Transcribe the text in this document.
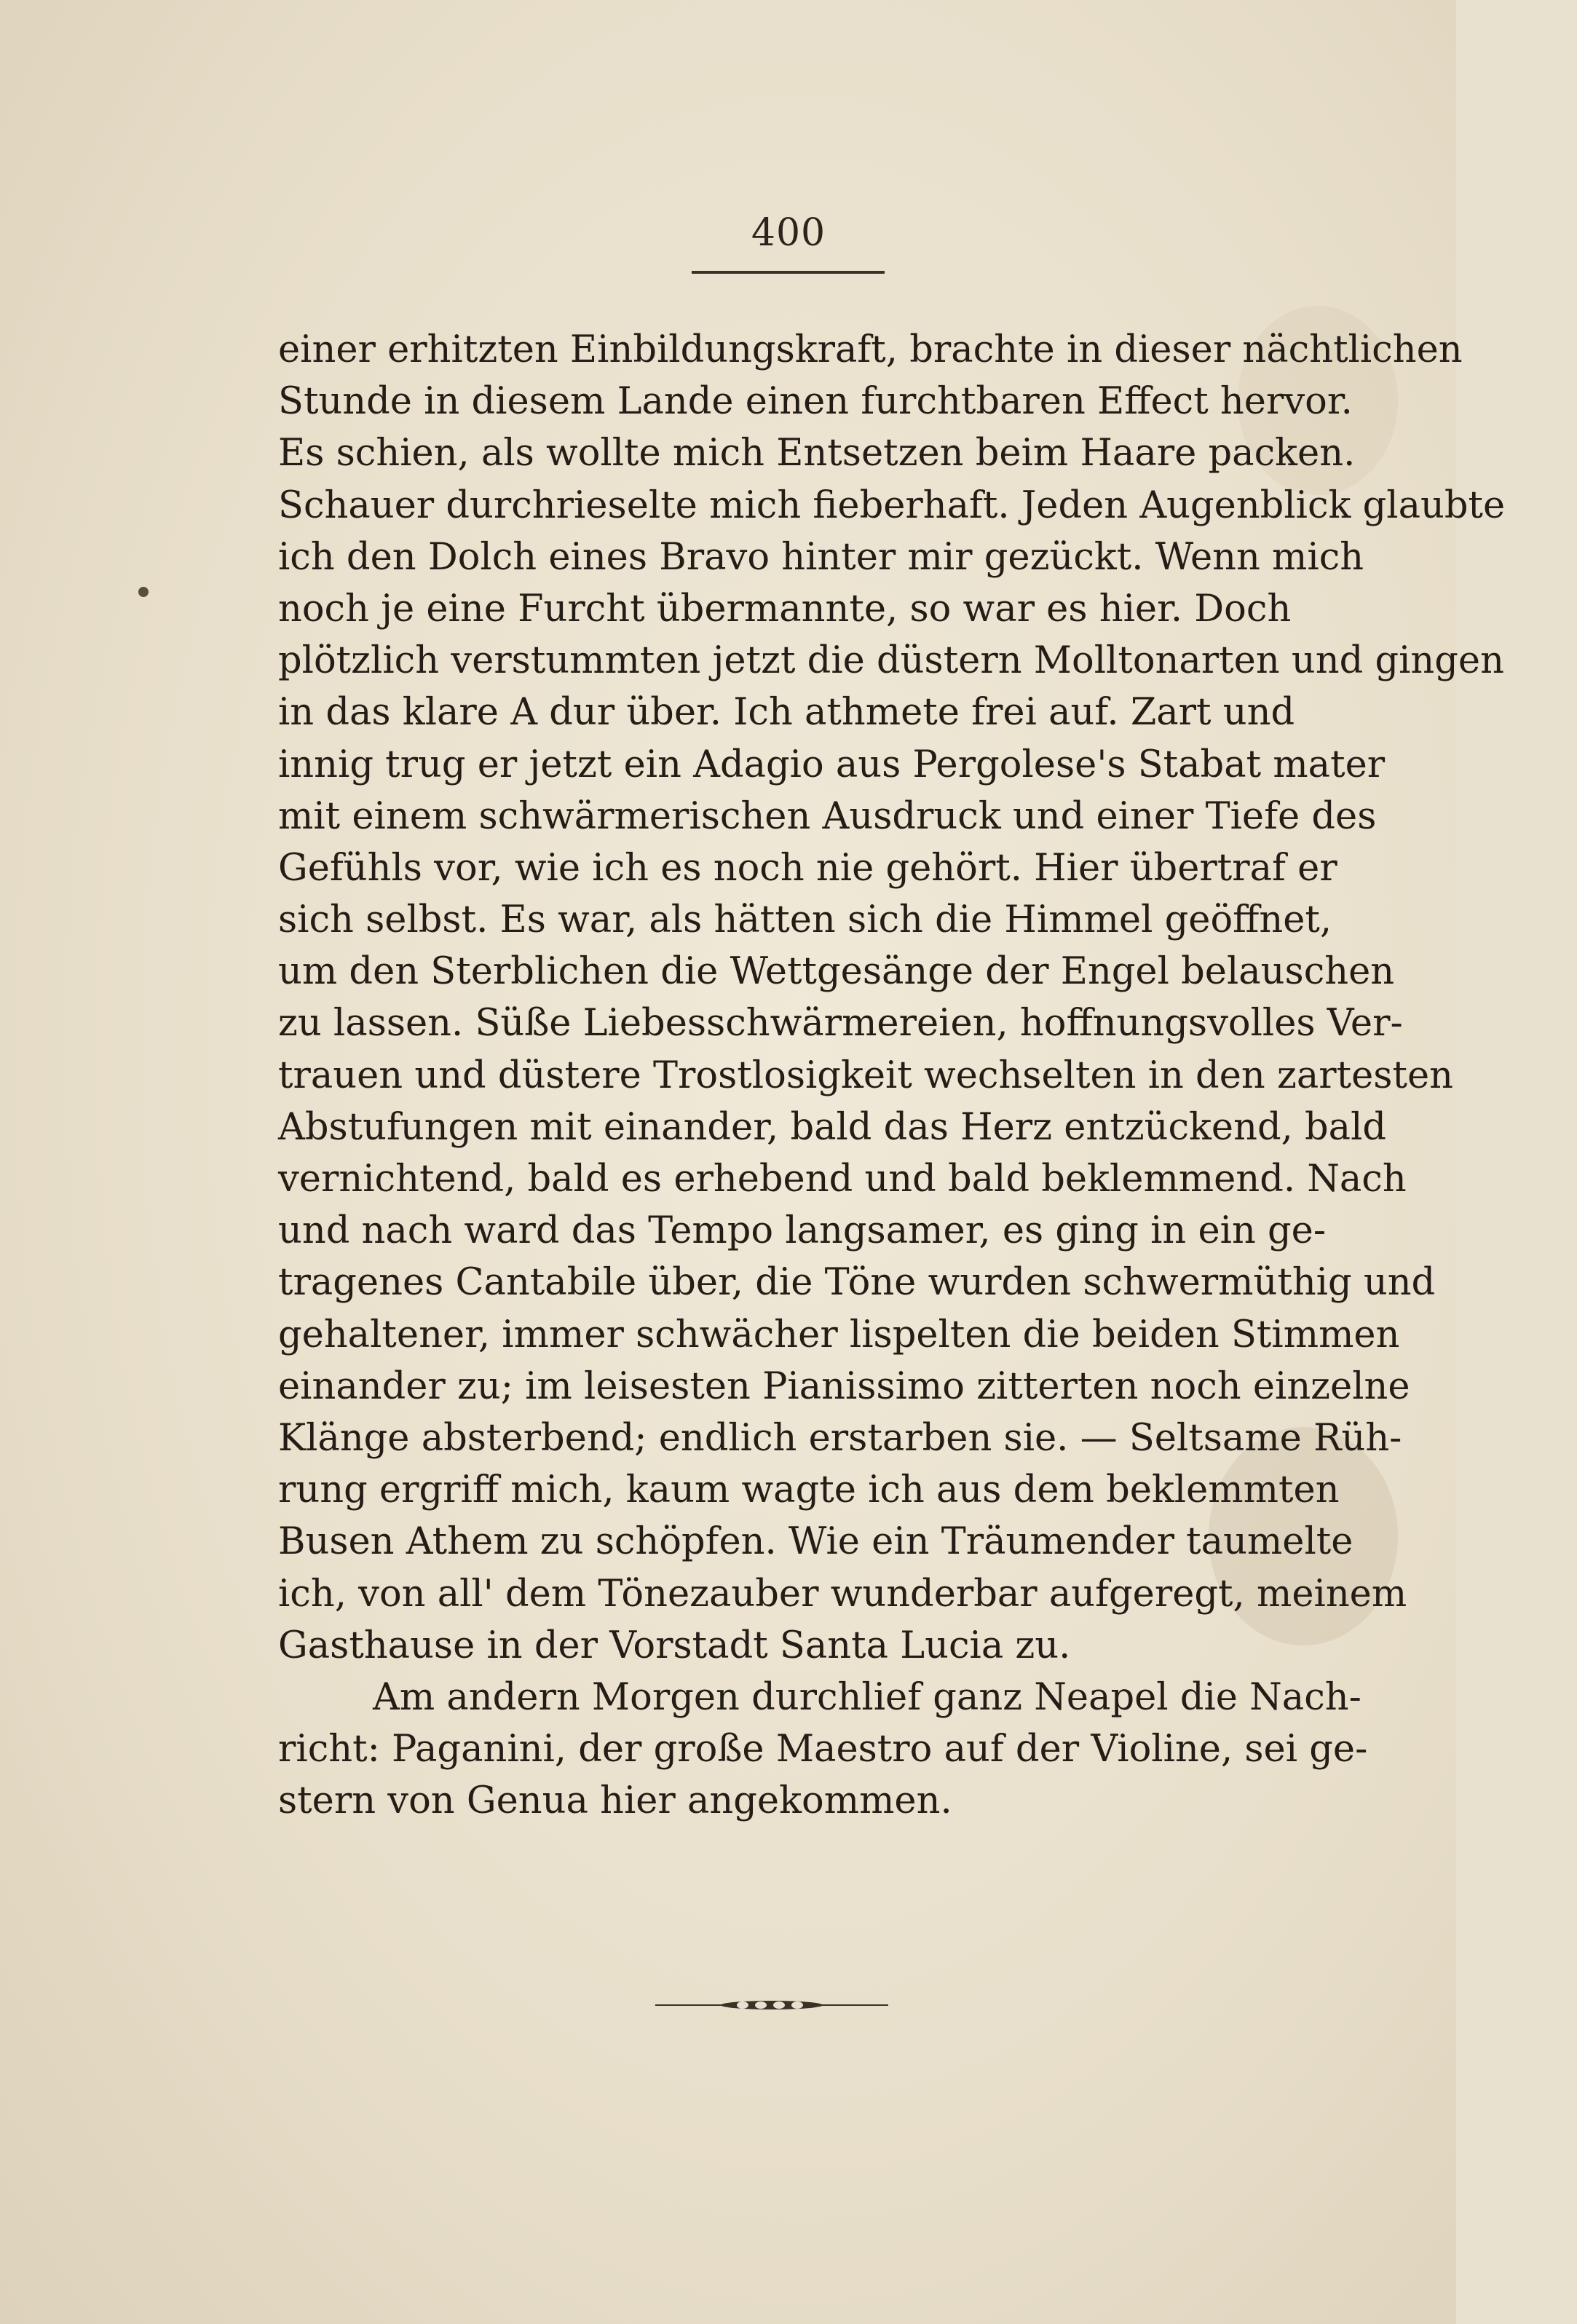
400
einer erhitzten Einbildungskraft, brachte in dieser nächtlichen
Stunde in diesem Lande einen furchtbaren Effect hervor.
Es schien, als wollte mich Entsetzen beim Haare packen.
Schauer durchrieselte mich fieberhaft. Jeden Augenblick glaubte
ich den Dolch eines Bravo hinter mir gezückt. Wenn mich
noch je eine Furcht übermannte, so war es hier. Doch
plötzlich verstummten jetzt die düstern Molltonarten und gingen
in das klare A dur über. Ich athmete frei auf. Zart und
innig trug er jetzt ein Adagio aus Pergolese's Stabat mater
mit einem schwärmerischen Ausdruck und einer Tiefe des
Gefühls vor, wie ich es noch nie gehört. Hier übertraf er
sich selbst. Es war, als hätten sich die Himmel geöffnet,
um den Sterblichen die Wettgesänge der Engel belauschen
zu lassen. Süße Liebesschwärmereien, hoffnungsvolles Ver-
trauen und düstere Trostlosigkeit wechselten in den zartesten
Abstufungen mit einander, bald das Herz entzückend, bald
vernichtend, bald es erhebend und bald beklemmend. Nach
und nach ward das Tempo langsamer, es ging in ein ge-
tragenes Cantabile über, die Töne wurden schwermüthig und
gehaltener, immer schwächer lispelten die beiden Stimmen
einander zu; im leisesten Pianissimo zitterten noch einzelne
Klänge absterbend; endlich erstarben sie. — Seltsame Rüh-
rung ergriff mich, kaum wagte ich aus dem beklemmten
Busen Athem zu schöpfen. Wie ein Träumender taumelte
ich, von all' dem Tönezauber wunderbar aufgeregt, meinem
Gasthause in der Vorstadt Santa Lucia zu.
Am andern Morgen durchlief ganz Neapel die Nach-
richt: Paganini, der große Maestro auf der Violine, sei ge-
stern von Genua hier angekommen.
